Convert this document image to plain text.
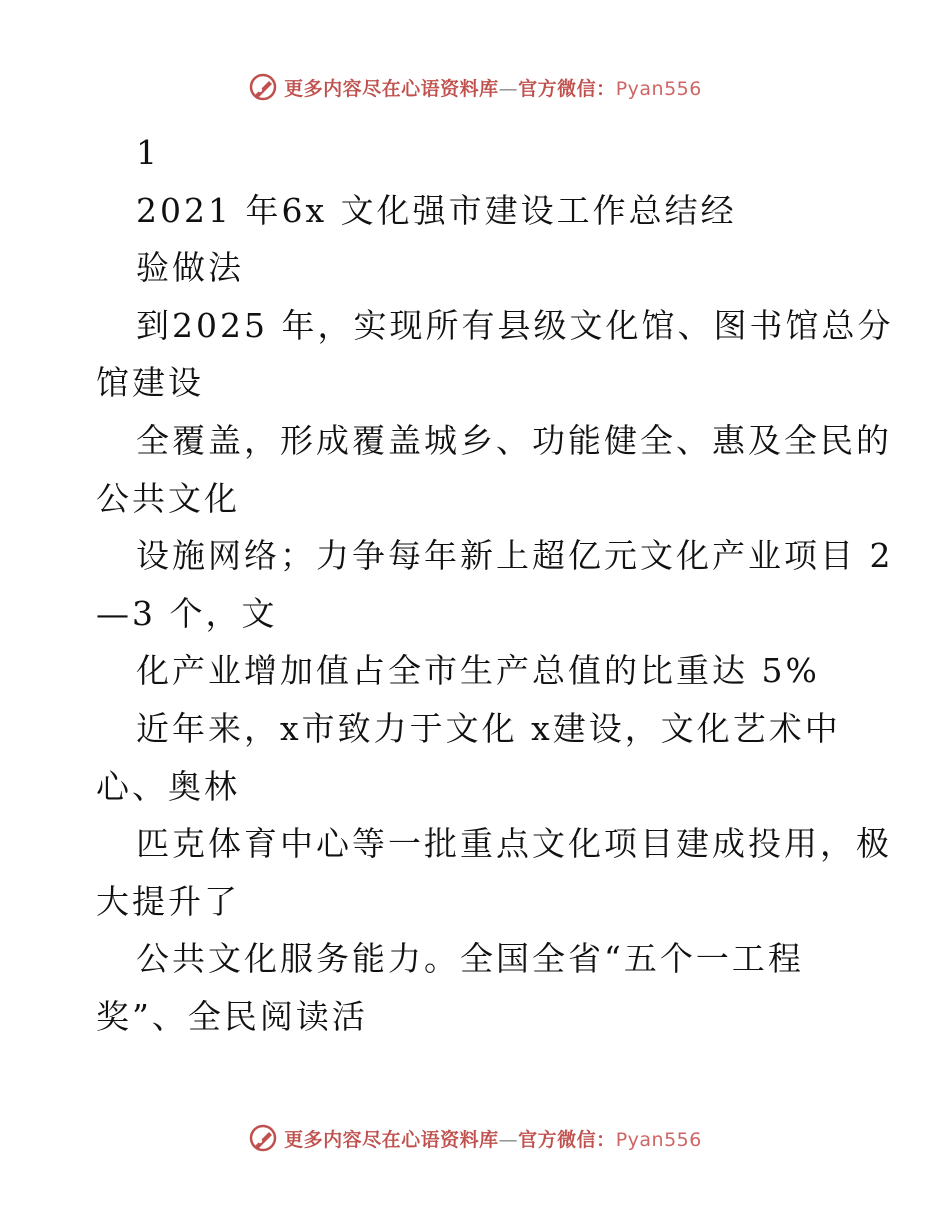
更多内容尽在心语资料库—官方微信：Pyan556
1
2021 年6x 文化强市建设工作总结经
验做法
到2025 年，实现所有县级文化馆、图书馆总分
馆建设
全覆盖，形成覆盖城乡、功能健全、惠及全民的
公共文化
设施网络；力争每年新上超亿元文化产业项目 2
—3 个，文
化产业增加值占全市生产总值的比重达 5%
近年来，x市致力于文化 x建设，文化艺术中
心、奥林
匹克体育中心等一批重点文化项目建成投用，极
大提升了
公共文化服务能力。全国全省“五个一工程
奖”、全民阅读活
更多内容尽在心语资料库—官方微信：Pyan556
